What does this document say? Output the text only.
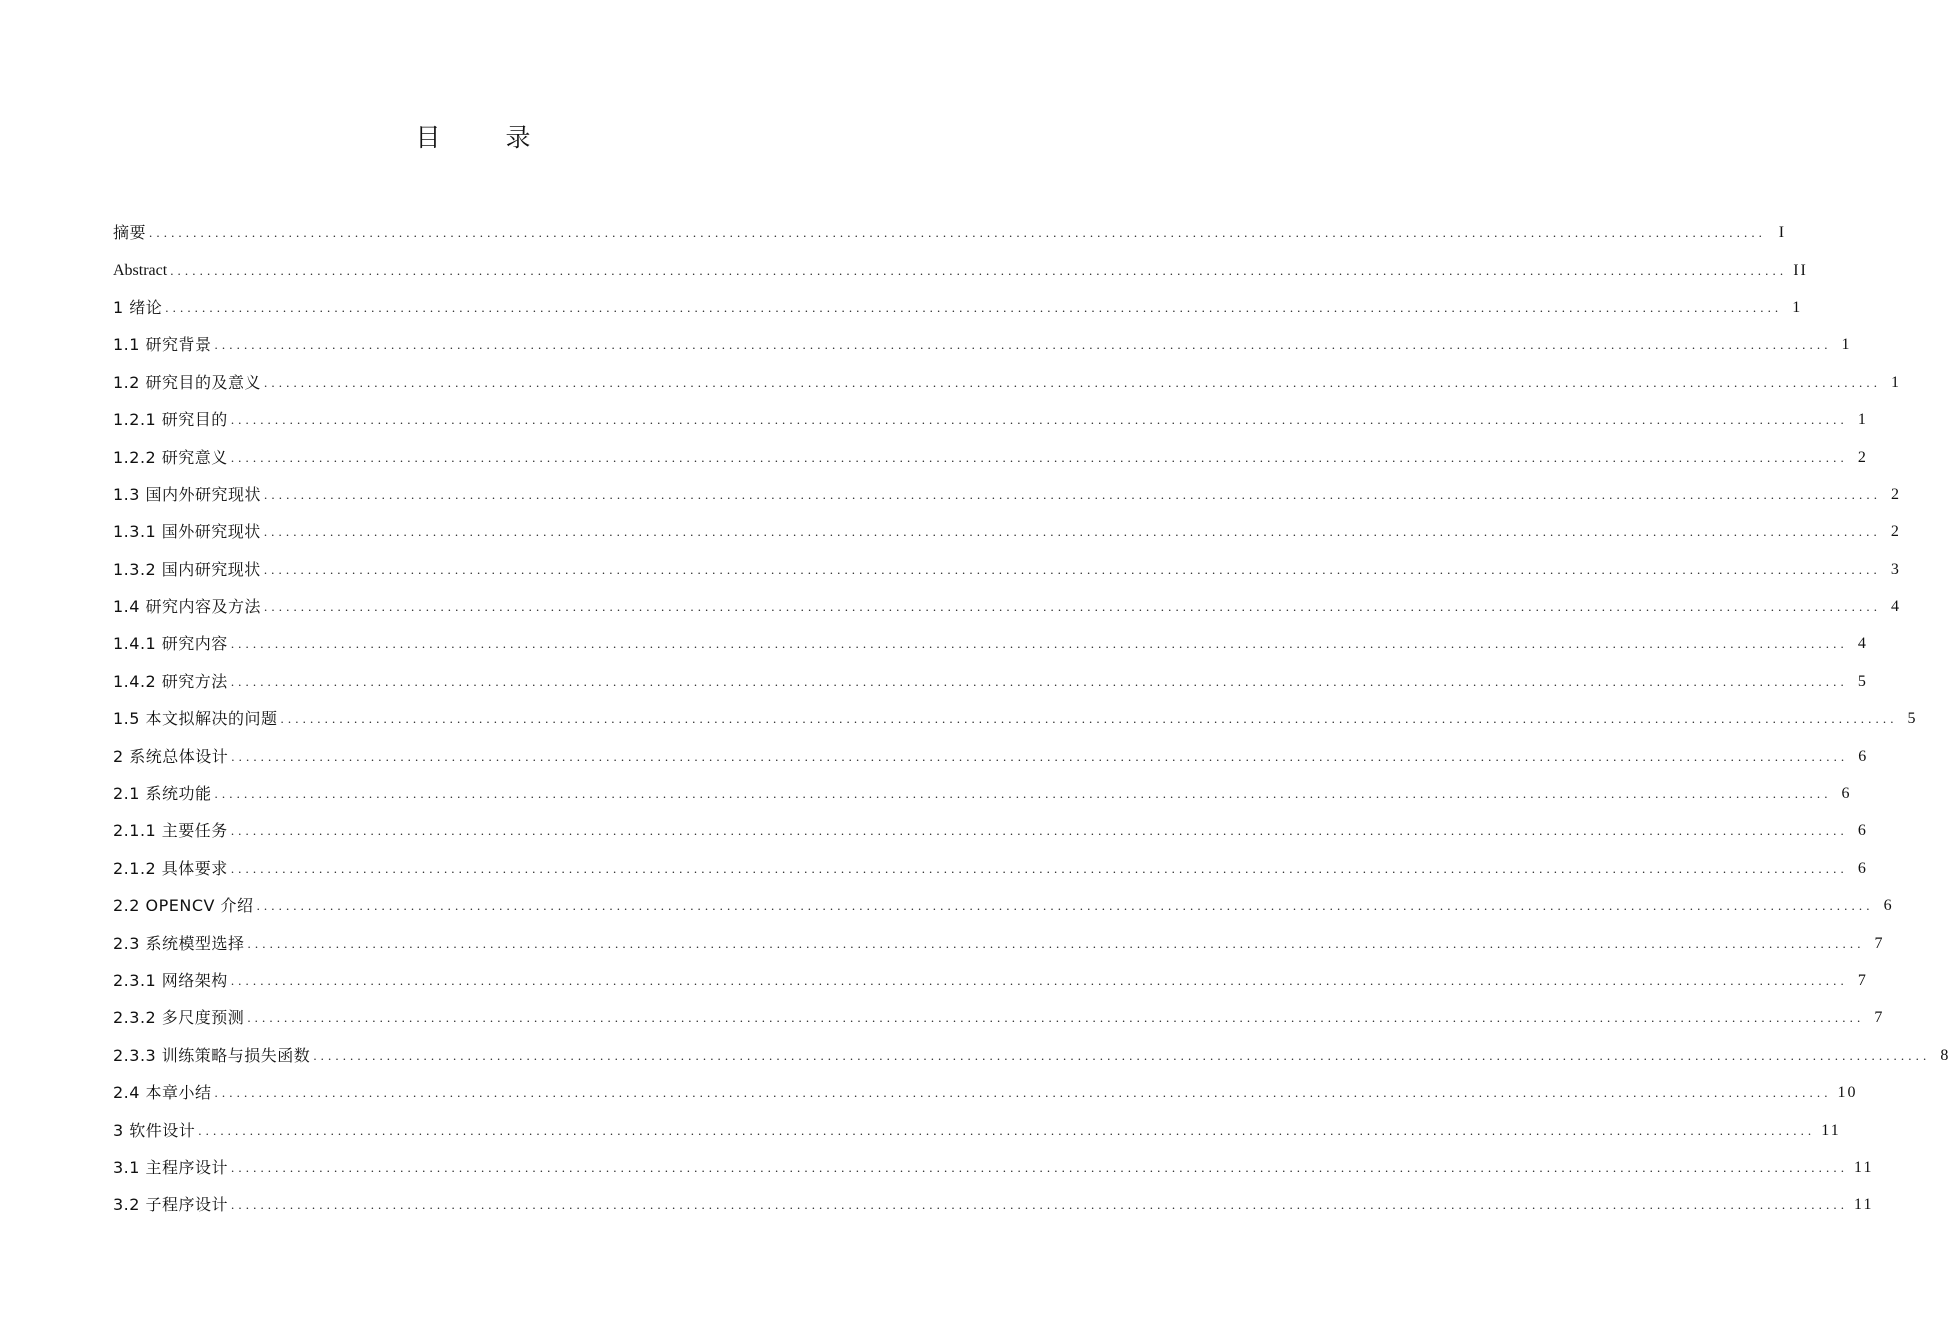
目　录
摘要 ............................................................................................................................................................................................................................ I
Abstract ............................................................................................................................................................................................................................ II
1 绪论 ............................................................................................................................................................................................................................ 1
1.1 研究背景 ............................................................................................................................................................................................................................ 1
1.2 研究目的及意义 ............................................................................................................................................................................................................................ 1
1.2.1 研究目的 ............................................................................................................................................................................................................................ 1
1.2.2 研究意义 ............................................................................................................................................................................................................................ 2
1.3 国内外研究现状 ............................................................................................................................................................................................................................ 2
1.3.1 国外研究现状 ............................................................................................................................................................................................................................ 2
1.3.2 国内研究现状 ............................................................................................................................................................................................................................ 3
1.4 研究内容及方法 ............................................................................................................................................................................................................................ 4
1.4.1 研究内容 ............................................................................................................................................................................................................................ 4
1.4.2 研究方法 ............................................................................................................................................................................................................................ 5
1.5 本文拟解决的问题 ............................................................................................................................................................................................................................ 5
2 系统总体设计 ............................................................................................................................................................................................................................ 6
2.1 系统功能 ............................................................................................................................................................................................................................ 6
2.1.1 主要任务 ............................................................................................................................................................................................................................ 6
2.1.2 具体要求 ............................................................................................................................................................................................................................ 6
2.2 OPENCV 介绍 ............................................................................................................................................................................................................................ 6
2.3 系统模型选择 ............................................................................................................................................................................................................................ 7
2.3.1 网络架构 ............................................................................................................................................................................................................................ 7
2.3.2 多尺度预测 ............................................................................................................................................................................................................................ 7
2.3.3 训练策略与损失函数 ............................................................................................................................................................................................................................ 8
2.4 本章小结 ............................................................................................................................................................................................................................ 10
3 软件设计 ............................................................................................................................................................................................................................ 11
3.1 主程序设计 ............................................................................................................................................................................................................................ 11
3.2 子程序设计 ............................................................................................................................................................................................................................ 11
